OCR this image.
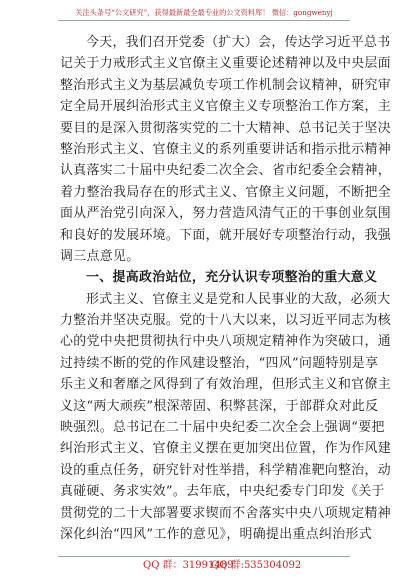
关注头条号“公文研究”，获得最新最全最专业的公文资料库！ 微信：gongwenyj
今天，我们召开党委（扩大）会，传达学习近平总书
记关于力戒形式主义官僚主义重要论述精神以及中央层面
整治形式主义为基层减负专项工作机制会议精神，研究审
定全局开展纠治形式主义官僚主义专项整治工作方案，主
要目的是深入贯彻落实党的二十大精神、总书记关于坚决
整治形式主义、官僚主义的系列重要讲话和指示批示精神
认真落实二十届中央纪委二次全会、省市纪委全会精神，
着力整治我局存在的形式主义、官僚主义问题，不断把全
面从严治党引向深入，努力营造风清气正的干事创业氛围
和良好的发展环境。下面，就开展好专项整治行动，我强
调三点意见。
一、提高政治站位，充分认识专项整治的重大意义
形式主义、官僚主义是党和人民事业的大敌，必须大
力整治并坚决克服。党的十八大以来，以习近平同志为核
心的党中央把贯彻执行中央八项规定精神作为突破口，通
过持续不断的党的作风建设整治，“四风”问题特别是享
乐主义和奢靡之风得到了有效治理，但形式主义和官僚主
义这“两大顽疾”根深蒂固、积弊甚深，于部群众对此反
映强烈。总书记在二十届中央纪委二次全会上强调“要把
纠治形式主义、官僚主义摆在更加突出位置，作为作风建
设的重点任务，研究针对性举措，科学精准靶向整治，动
真碰硬、务求实效”。去年底，中央纪委专门印发《关于
贯彻党的二十大部署要求锲而不舍落实中央八项规定精神
深化纠治“四风”工作的意见》，明确提出重点纠治形式
QQ 群：31991489
QQ 群:535304092
